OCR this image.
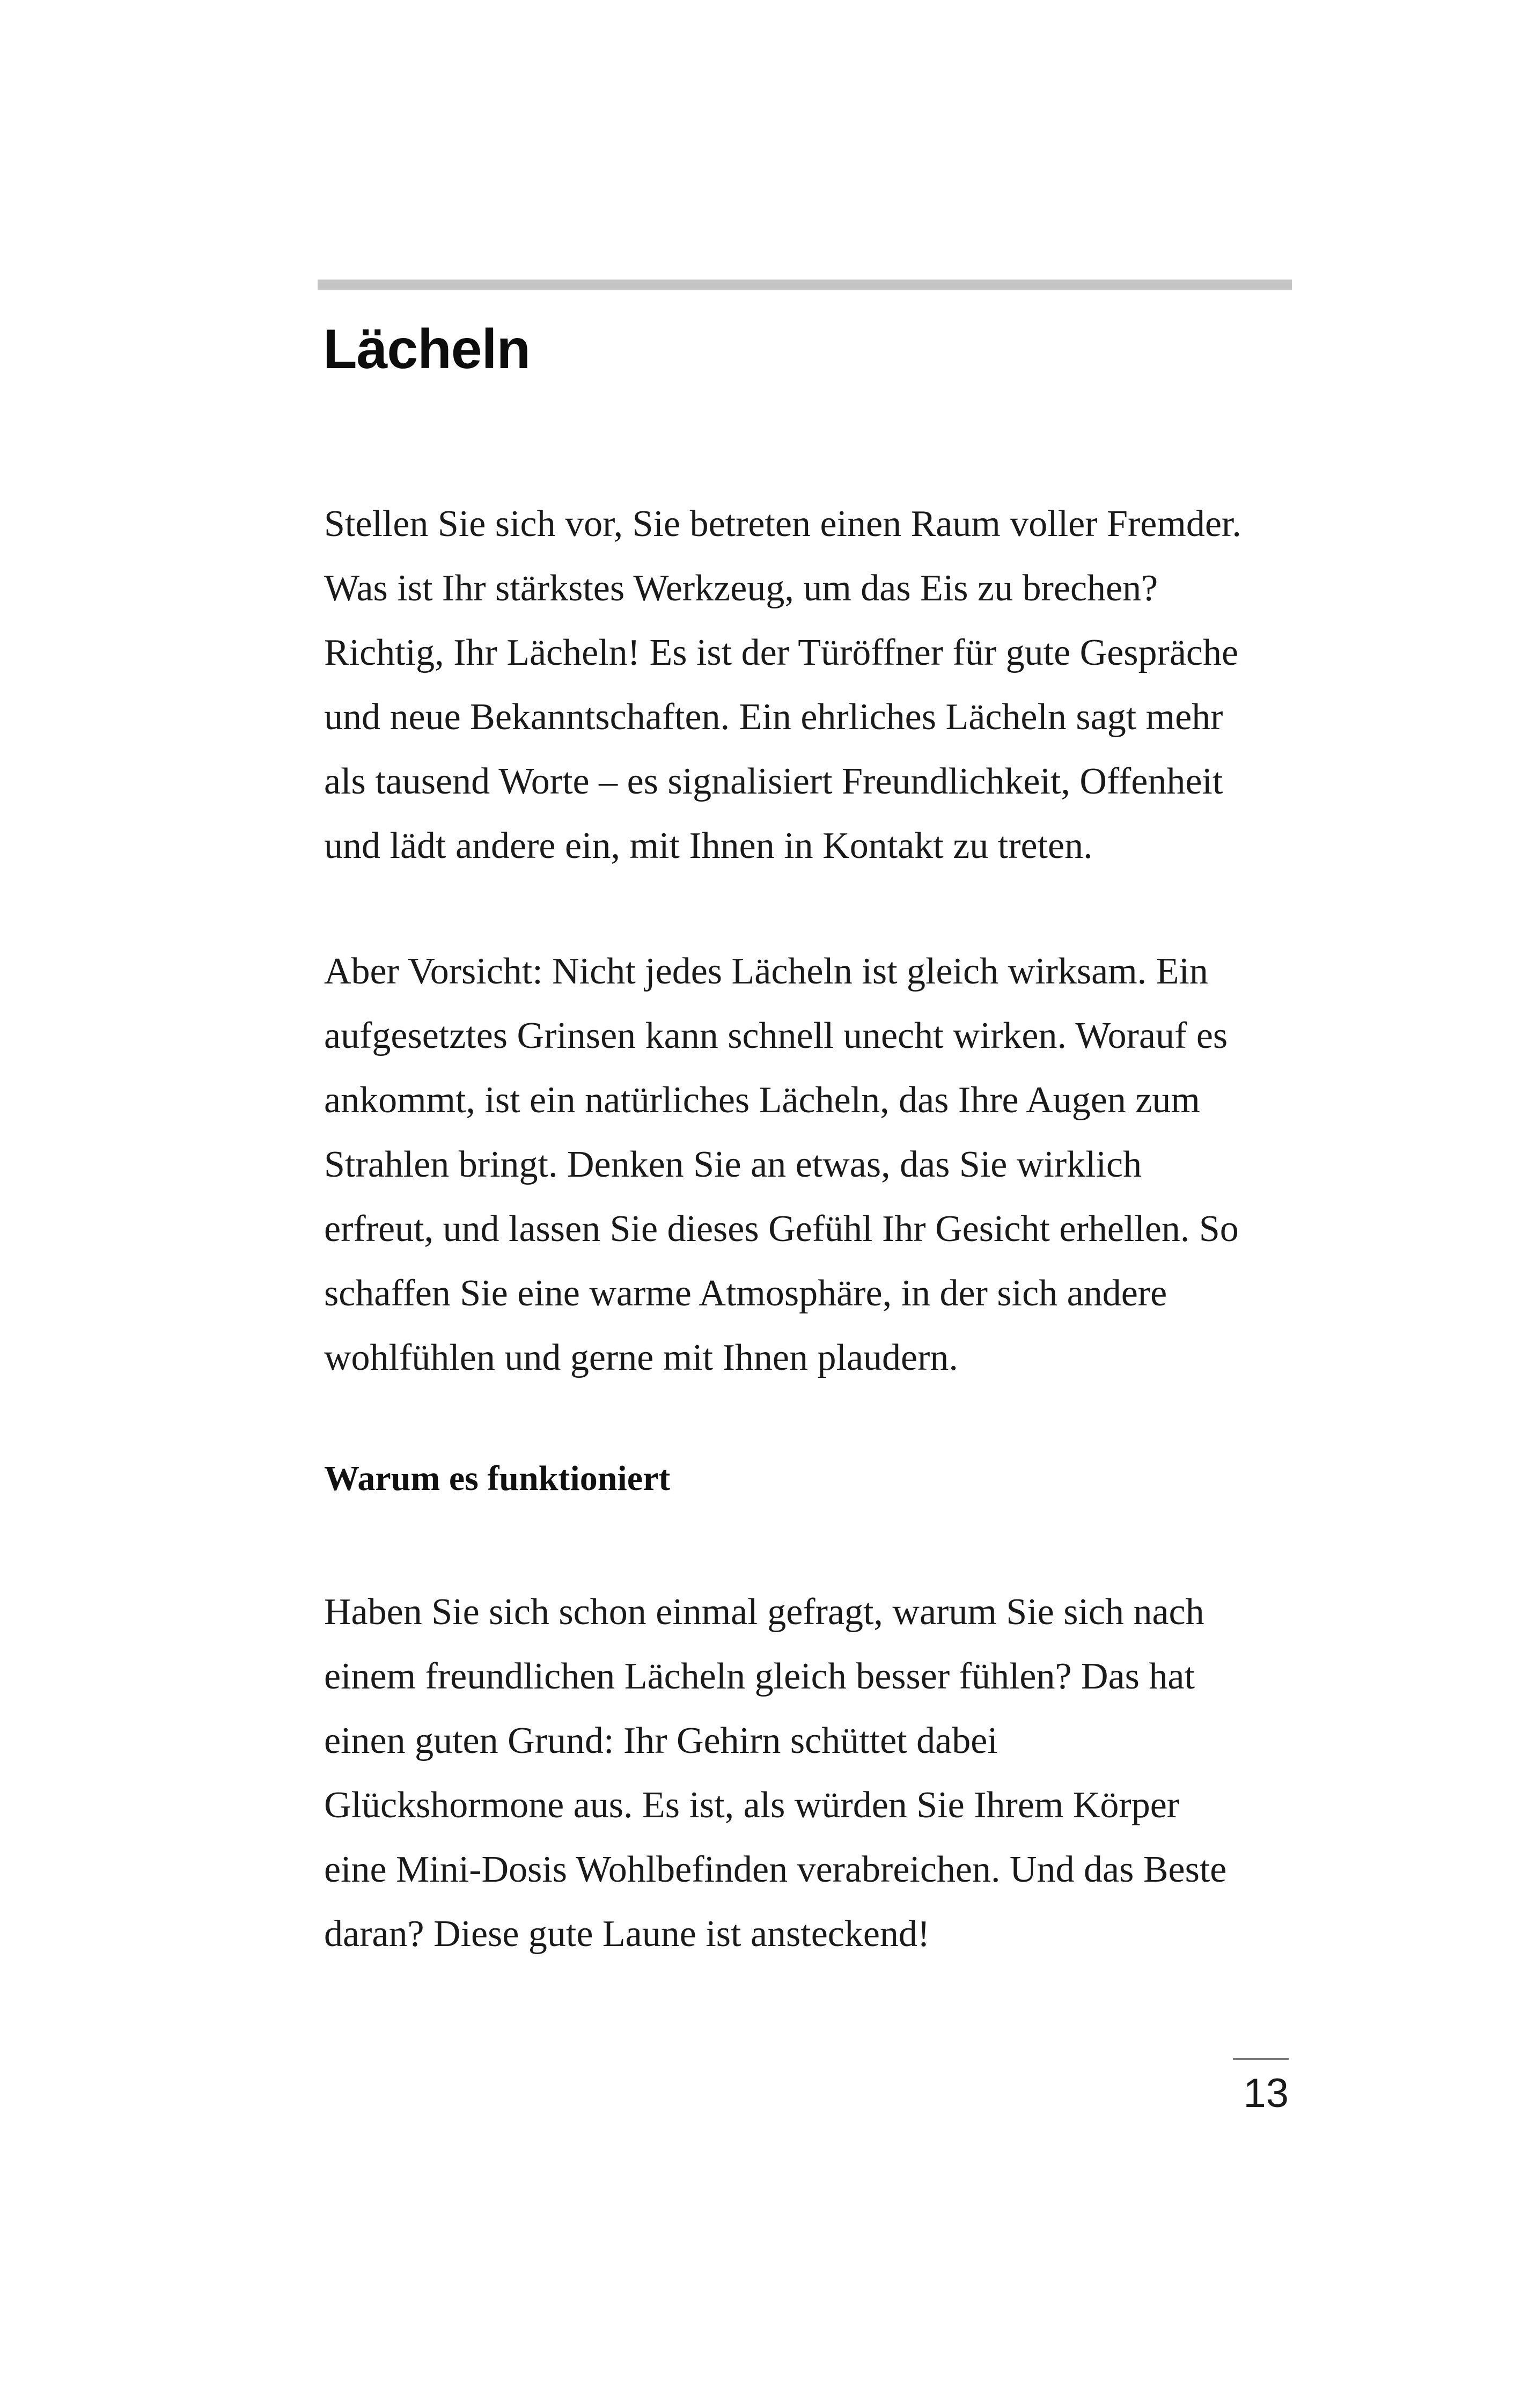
Lächeln

Stellen Sie sich vor, Sie betreten einen Raum voller Fremder.
Was ist Ihr stärkstes Werkzeug, um das Eis zu brechen?
Richtig, Ihr Lächeln! Es ist der Türöffner für gute Gespräche
und neue Bekanntschaften. Ein ehrliches Lächeln sagt mehr
als tausend Worte – es signalisiert Freundlichkeit, Offenheit
und lädt andere ein, mit Ihnen in Kontakt zu treten.

Aber Vorsicht: Nicht jedes Lächeln ist gleich wirksam. Ein
aufgesetztes Grinsen kann schnell unecht wirken. Worauf es
ankommt, ist ein natürliches Lächeln, das Ihre Augen zum
Strahlen bringt. Denken Sie an etwas, das Sie wirklich
erfreut, und lassen Sie dieses Gefühl Ihr Gesicht erhellen. So
schaffen Sie eine warme Atmosphäre, in der sich andere
wohlfühlen und gerne mit Ihnen plaudern.

Warum es funktioniert

Haben Sie sich schon einmal gefragt, warum Sie sich nach
einem freundlichen Lächeln gleich besser fühlen? Das hat
einen guten Grund: Ihr Gehirn schüttet dabei
Glückshormone aus. Es ist, als würden Sie Ihrem Körper
eine Mini-Dosis Wohlbefinden verabreichen. Und das Beste
daran? Diese gute Laune ist ansteckend!

13
